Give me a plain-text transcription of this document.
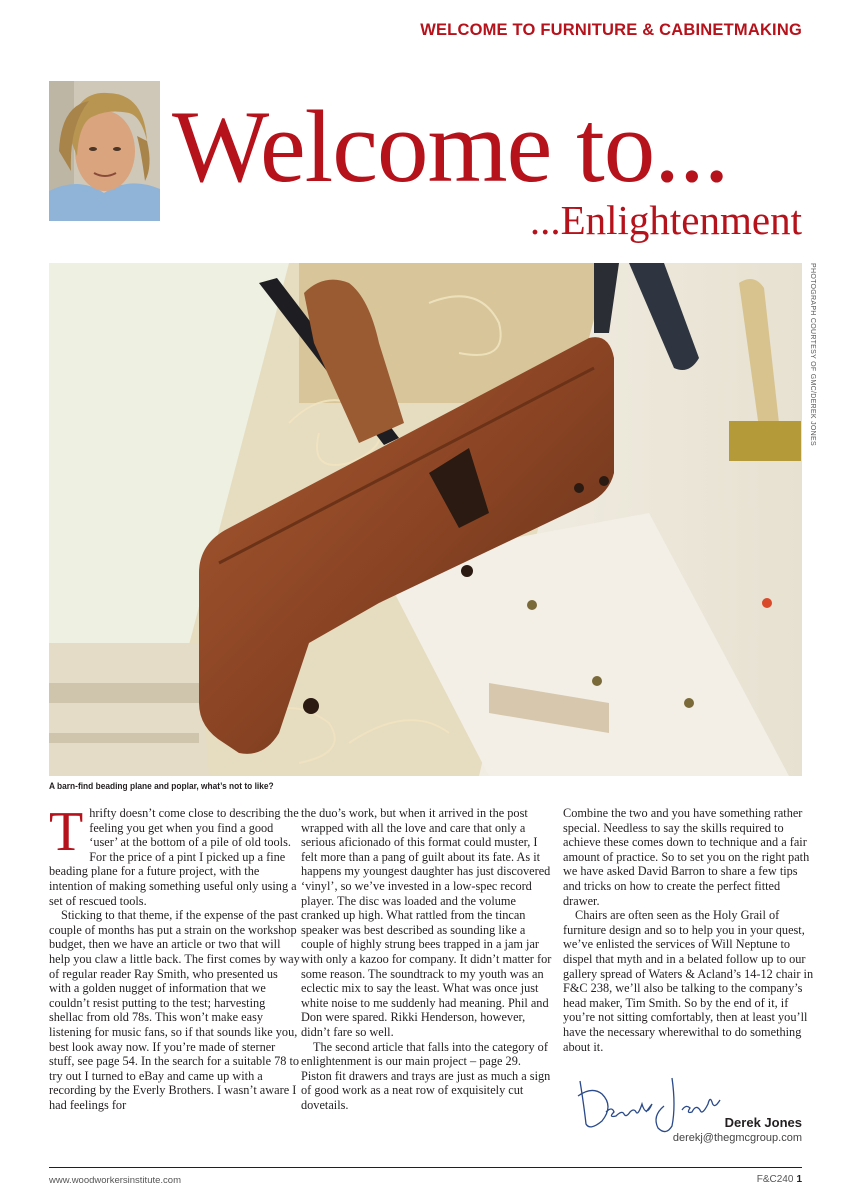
WELCOME TO FURNITURE & CABINETMAKING
Welcome to...
...Enlightenment
PHOTOGRAPH COURTESY OF GMC/DEREK JONES
A barn-find beading plane and poplar, what’s not to like?

Thrifty doesn’t come close to describing the feeling you get when you find a good ‘user’ at the bottom of a pile of old tools. For the price of a pint I picked up a fine beading plane for a future project, with the intention of making something useful only using a set of rescued tools.

Sticking to that theme, if the expense of the past couple of months has put a strain on the workshop budget, then we have an article or two that will help you claw a little back. The first comes by way of regular reader Ray Smith, who presented us with a golden nugget of information that we couldn’t resist putting to the test; harvesting shellac from old 78s. This won’t make easy listening for music fans, so if that sounds like you, best look away now. If you’re made of sterner stuff, see page 54. In the search for a suitable 78 to try out I turned to eBay and came up with a recording by the Everly Brothers. I wasn’t aware I had feelings for

the duo’s work, but when it arrived in the post wrapped with all the love and care that only a serious aficionado of this format could muster, I felt more than a pang of guilt about its fate. As it happens my youngest daughter has just discovered ‘vinyl’, so we’ve invested in a low-spec record player. The disc was loaded and the volume cranked up high. What rattled from the tincan speaker was best described as sounding like a couple of highly strung bees trapped in a jam jar with only a kazoo for company. It didn’t matter for some reason. The soundtrack to my youth was an eclectic mix to say the least. What was once just white noise to me suddenly had meaning. Phil and Don were spared. Rikki Henderson, however, didn’t fare so well.

The second article that falls into the category of enlightenment is our main project – page 29. Piston fit drawers and trays are just as much a sign of good work as a neat row of exquisitely cut dovetails.

Combine the two and you have something rather special. Needless to say the skills required to achieve these comes down to technique and a fair amount of practice. So to set you on the right path we have asked David Barron to share a few tips and tricks on how to create the perfect fitted drawer.

Chairs are often seen as the Holy Grail of furniture design and so to help you in your quest, we’ve enlisted the services of Will Neptune to dispel that myth and in a belated follow up to our gallery spread of Waters & Acland’s 14-12 chair in F&C 238, we’ll also be talking to the company’s head maker, Tim Smith. So by the end of it, if you’re not sitting comfortably, then at least you’ll have the necessary wherewithal to do something about it.

Derek Jones
derekj@thegmcgroup.com
www.woodworkersinstitute.com	F&C240 1
